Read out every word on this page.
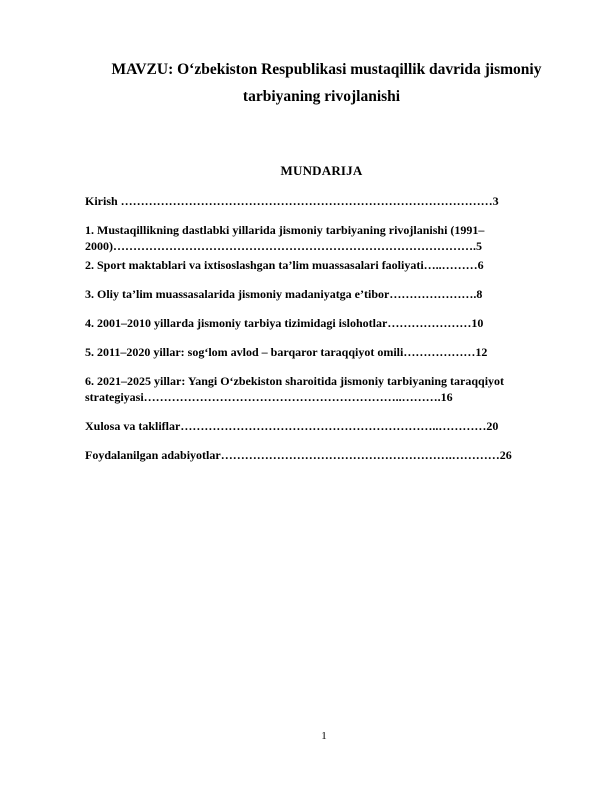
MAVZU: O‘zbekiston Respublikasi mustaqillik davrida jismoniy
tarbiyaning rivojlanishi
MUNDARIJA
Kirish …………………………………………………………………………………3
1. Mustaqillikning dastlabki yillarida jismoniy tarbiyaning rivojlanishi (1991–2000)……………………………………………………………………………….5
2. Sport maktablari va ixtisoslashgan ta’lim muassasalari faoliyati…..………6
3. Oliy ta’lim muassasalarida jismoniy madaniyatga e’tibor………………….8
4. 2001–2010 yillarda jismoniy tarbiya tizimidagi islohotlar…………………10
5. 2011–2020 yillar: sog‘lom avlod – barqaror taraqqiyot omili………………12
6. 2021–2025 yillar: Yangi O‘zbekiston sharoitida jismoniy tarbiyaning taraqqiyot strategiyasi………………………………………………………..……….16
Xulosa va takliflar………………………………………………………..…………20
Foydalanilgan adabiyotlar………………………………………………….…………26
1
